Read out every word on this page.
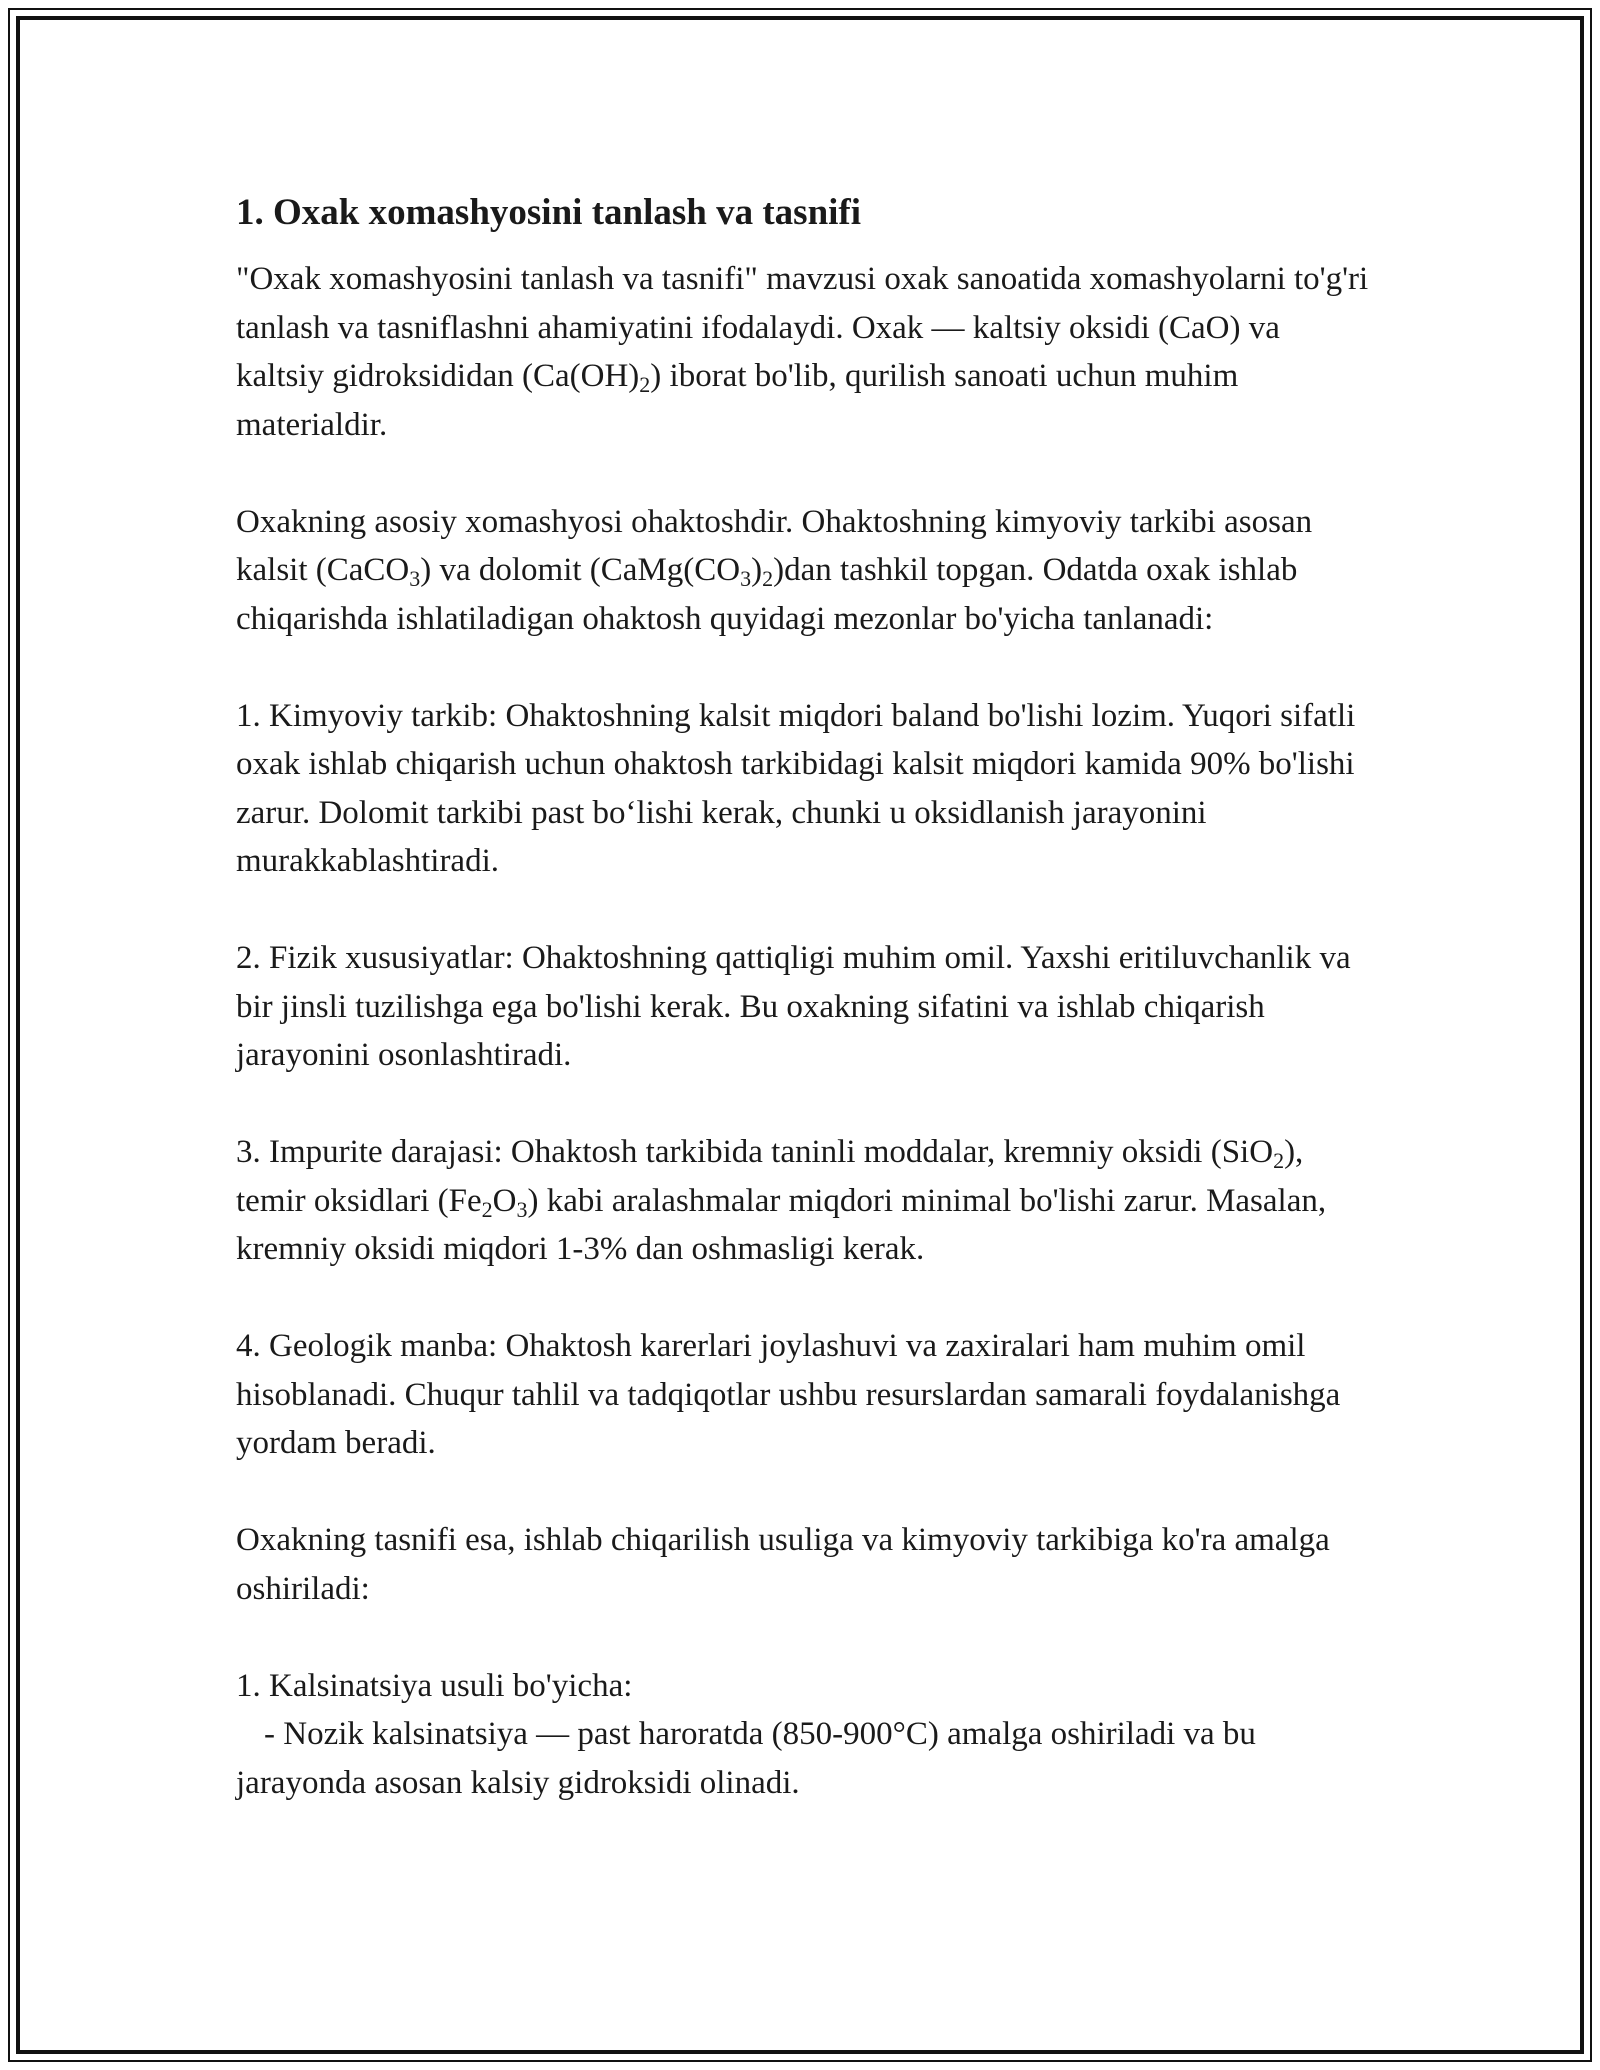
1. Oxak xomashyosini tanlash va tasnifi

"Oxak xomashyosini tanlash va tasnifi" mavzusi oxak sanoatida xomashyolarni to'g'ri tanlash va tasniflashni ahamiyatini ifodalaydi. Oxak — kaltsiy oksidi (CaO) va kaltsiy gidroksididan $(Ca(OH)_2)$ iborat bo'lib, qurilish sanoati uchun muhim materialdir.

Oxakning asosiy xomashyosi ohaktoshdir. Ohaktoshning kimyoviy tarkibi asosan kalsit (CaCO$_3$) va dolomit $(CaMg(CO_3)_2)dan$ tashkil topgan. Odatda oxak ishlab chiqarishda ishlatiladigan ohaktosh quyidagi mezonlar bo'yicha tanlanadi:

1. Kimyoviy tarkib: Ohaktoshning kalsit miqdori baland bo'lishi lozim. Yuqori sifatli oxak ishlab chiqarish uchun ohaktosh tarkibidagi kalsit miqdori kamida 90% bo'lishi zarur. Dolomit tarkibi past bo‘lishi kerak, chunki u oksidlanish jarayonini murakkablashtiradi.

2. Fizik xususiyatlar: Ohaktoshning qattiqligi muhim omil. Yaxshi eritiluvchanlik va bir jinsli tuzilishga ega bo'lishi kerak. Bu oxakning sifatini va ishlab chiqarish jarayonini osonlashtiradi.

3. Impurite darajasi: Ohaktosh tarkibida taninli moddalar, kremniy oksidi (SiO$_2$), temir oksidlari $(Fe_2O_3)$ kabi aralashmalar miqdori minimal bo'lishi zarur. Masalan, kremniy oksidi miqdori 1-3% dan oshmasligi kerak.

4. Geologik manba: Ohaktosh karerlari joylashuvi va zaxiralari ham muhim omil hisoblanadi. Chuqur tahlil va tadqiqotlar ushbu resurslardan samarali foydalanishga yordam beradi.

Oxakning tasnifi esa, ishlab chiqarilish usuliga va kimyoviy tarkibiga ko'ra amalga oshiriladi:

1. Kalsinatsiya usuli bo'yicha:
- Nozik kalsinatsiya — past haroratda (850-900°C) amalga oshiriladi va bu jarayonda asosan kalsiy gidroksidi olinadi.
